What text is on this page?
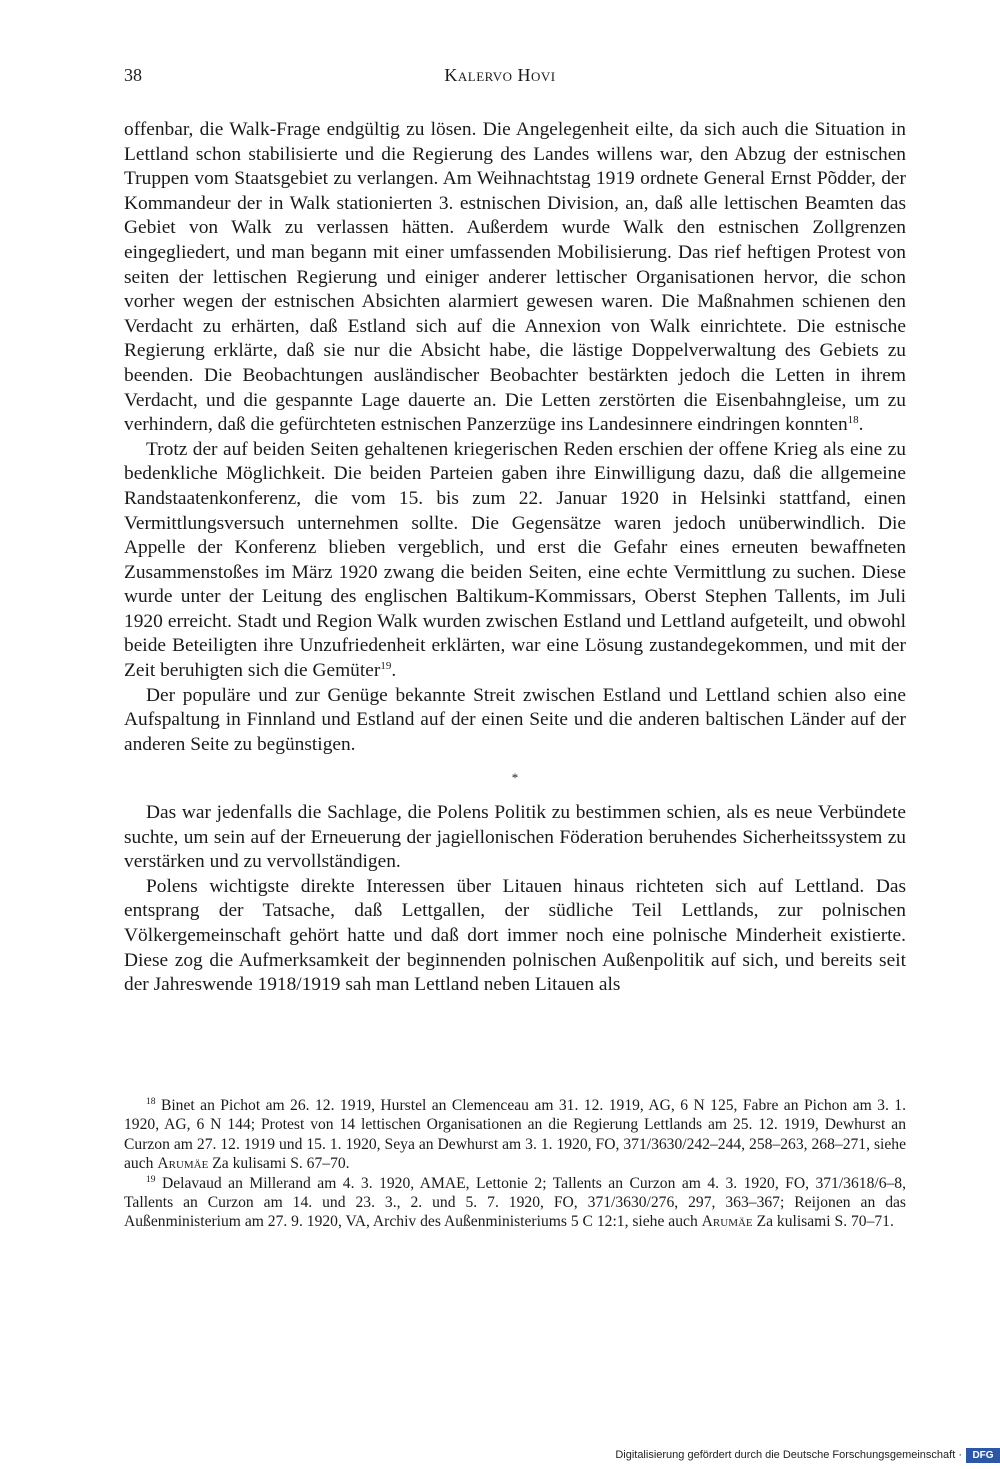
38	Kalervo Hovi

offenbar, die Walk-Frage endgültig zu lösen. Die Angelegenheit eilte, da sich auch die Situation in Lettland schon stabilisierte und die Regierung des Landes willens war, den Abzug der estnischen Truppen vom Staatsgebiet zu verlangen. Am Weihnachtstag 1919 ordnete General Ernst Põdder, der Kommandeur der in Walk stationierten 3. estnischen Division, an, daß alle lettischen Beamten das Gebiet von Walk zu verlassen hätten. Außerdem wurde Walk den estnischen Zollgrenzen eingegliedert, und man begann mit einer umfassenden Mobilisierung. Das rief heftigen Protest von seiten der lettischen Regierung und einiger anderer lettischer Organisationen hervor, die schon vorher wegen der estnischen Absichten alarmiert gewesen waren. Die Maßnahmen schienen den Verdacht zu erhärten, daß Estland sich auf die Annexion von Walk einrichtete. Die estnische Regierung erklärte, daß sie nur die Absicht habe, die lästige Doppelverwaltung des Gebiets zu beenden. Die Beobachtungen ausländischer Beobachter bestärkten jedoch die Letten in ihrem Verdacht, und die gespannte Lage dauerte an. Die Letten zerstörten die Eisenbahngleise, um zu verhindern, daß die gefürchteten estnischen Panzerzüge ins Landesinnere eindringen konnten$^{18}$.

Trotz der auf beiden Seiten gehaltenen kriegerischen Reden erschien der offene Krieg als eine zu bedenkliche Möglichkeit. Die beiden Parteien gaben ihre Einwilligung dazu, daß die allgemeine Randstaatenkonferenz, die vom 15. bis zum 22. Januar 1920 in Helsinki stattfand, einen Vermittlungsversuch unternehmen sollte. Die Gegensätze waren jedoch unüberwindlich. Die Appelle der Konferenz blieben vergeblich, und erst die Gefahr eines erneuten bewaffneten Zusammenstoßes im März 1920 zwang die beiden Seiten, eine echte Vermittlung zu suchen. Diese wurde unter der Leitung des englischen Baltikum-Kommissars, Oberst Stephen Tallents, im Juli 1920 erreicht. Stadt und Region Walk wurden zwischen Estland und Lettland aufgeteilt, und obwohl beide Beteiligten ihre Unzufriedenheit erklärten, war eine Lösung zustandegekommen, und mit der Zeit beruhigten sich die Gemüter$^{19}$.

Der populäre und zur Genüge bekannte Streit zwischen Estland und Lettland schien also eine Aufspaltung in Finnland und Estland auf der einen Seite und die anderen baltischen Länder auf der anderen Seite zu begünstigen.

*

Das war jedenfalls die Sachlage, die Polens Politik zu bestimmen schien, als es neue Verbündete suchte, um sein auf der Erneuerung der jagiellonischen Föderation beruhendes Sicherheitssystem zu verstärken und zu vervollständigen.

Polens wichtigste direkte Interessen über Litauen hinaus richteten sich auf Lettland. Das entsprang der Tatsache, daß Lettgallen, der südliche Teil Lettlands, zur polnischen Völkergemeinschaft gehört hatte und daß dort immer noch eine polnische Minderheit existierte. Diese zog die Aufmerksamkeit der beginnenden polnischen Außenpolitik auf sich, und bereits seit der Jahreswende 1918/1919 sah man Lettland neben Litauen als

$^{18}$ Binet an Pichot am 26. 12. 1919, Hurstel an Clemenceau am 31. 12. 1919, AG, 6 N 125, Fabre an Pichon am 3. 1. 1920, AG, 6 N 144; Protest von 14 lettischen Organisationen an die Regierung Lettlands am 25. 12. 1919, Dewhurst an Curzon am 27. 12. 1919 und 15. 1. 1920, Seya an Dewhurst am 3. 1. 1920, FO, 371/3630/242–244, 258–263, 268–271, siehe auch Arumäe Za kulisami S. 67–70.

$^{19}$ Delavaud an Millerand am 4. 3. 1920, AMAE, Lettonie 2; Tallents an Curzon am 4. 3. 1920, FO, 371/3618/6–8, Tallents an Curzon am 14. und 23. 3., 2. und 5. 7. 1920, FO, 371/3630/276, 297, 363–367; Reijonen an das Außenministerium am 27. 9. 1920, VA, Archiv des Außenministeriums 5 C 12:1, siehe auch Arumäe Za kulisami S. 70–71.

Digitalisierung gefördert durch die Deutsche Forschungsgemeinschaft ·	DFG
